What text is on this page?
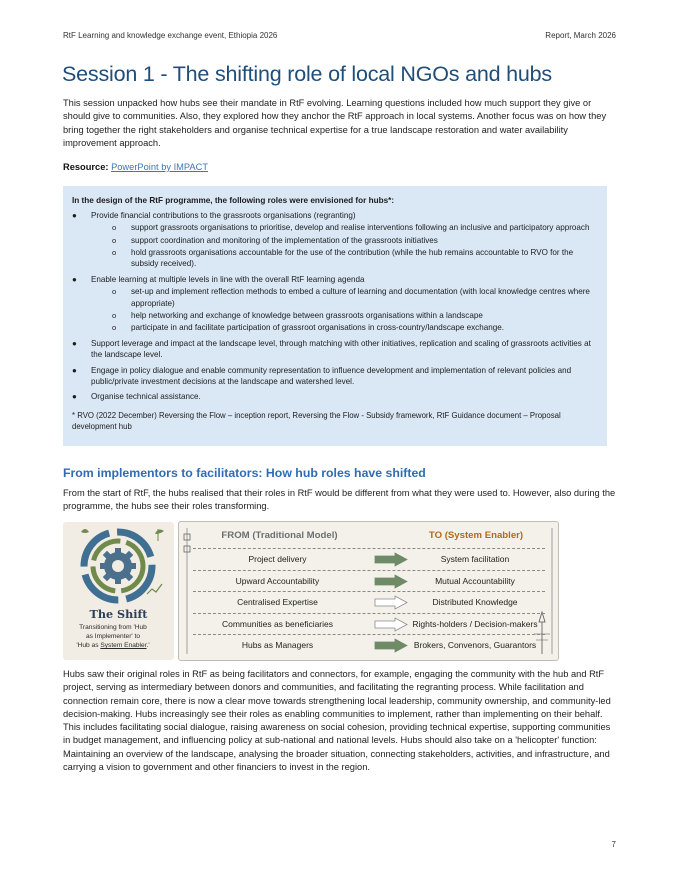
RtF Learning and knowledge exchange event, Ethiopia 2026	Report, March 2026
Session 1 - The shifting role of local NGOs and hubs

This session unpacked how hubs see their mandate in RtF evolving. Learning questions included how much support they give or should give to communities. Also, they explored how they anchor the RtF approach in local systems. Another focus was on how they bring together the right stakeholders and organise technical expertise for a true landscape restoration and water availability improvement approach.

Resource: PowerPoint by IMPACT
In the design of the RtF programme, the following roles were envisioned for hubs*:
● Provide financial contributions to the grassroots organisations (regranting)
o support grassroots organisations to prioritise, develop and realise interventions following an inclusive and participatory approach
o support coordination and monitoring of the implementation of the grassroots initiatives
o hold grassroots organisations accountable for the use of the contribution (while the hub remains accountable to RVO for the subsidy received).
● Enable learning at multiple levels in line with the overall RtF learning agenda
o set-up and implement reflection methods to embed a culture of learning and documentation (with local knowledge centres where appropriate)
o help networking and exchange of knowledge between grassroots organisations within a landscape
o participate in and facilitate participation of grassroot organisations in cross-country/landscape exchange.
● Support leverage and impact at the landscape level, through matching with other initiatives, replication and scaling of grassroots activities at the landscape level.
● Engage in policy dialogue and enable community representation to influence development and implementation of relevant policies and public/private investment decisions at the landscape and watershed level.
● Organise technical assistance.
* RVO (2022 December) Reversing the Flow – inception report, Reversing the Flow - Subsidy framework, RtF Guidance document – Proposal development hub
From implementors to facilitators: How hub roles have shifted

From the start of RtF, the hubs realised that their roles in RtF would be different from what they were used to. However, also during the programme, the hubs see their roles transforming.

The Shift
Transitioning from 'Hub
as Implementer' to
'Hub as System Enabler.'
FROM (Traditional Model)	TO (System Enabler)
Project delivery	System facilitation
Upward Accountability	Mutual Accountability
Centralised Expertise	Distributed Knowledge
Communities as beneficiaries	Rights-holders / Decision-makers
Hubs as Managers	Brokers, Convenors, Guarantors

Hubs saw their original roles in RtF as being facilitators and connectors, for example, engaging the community with the hub and RtF project, serving as intermediary between donors and communities, and facilitating the regranting process. While facilitation and connection remain core, there is now a clear move towards strengthening local leadership, community ownership, and community-led decision-making. Hubs increasingly see their roles as enabling communities to implement, rather than implementing on their behalf. This includes facilitating social dialogue, raising awareness on social cohesion, providing technical expertise, supporting communities in budget management, and influencing policy at sub-national and national levels. Hubs should also take on a 'helicopter' function: Maintaining an overview of the landscape, analysing the broader situation, connecting stakeholders, activities, and infrastructure, and carrying a vision to government and other financiers to invest in the region.

7
